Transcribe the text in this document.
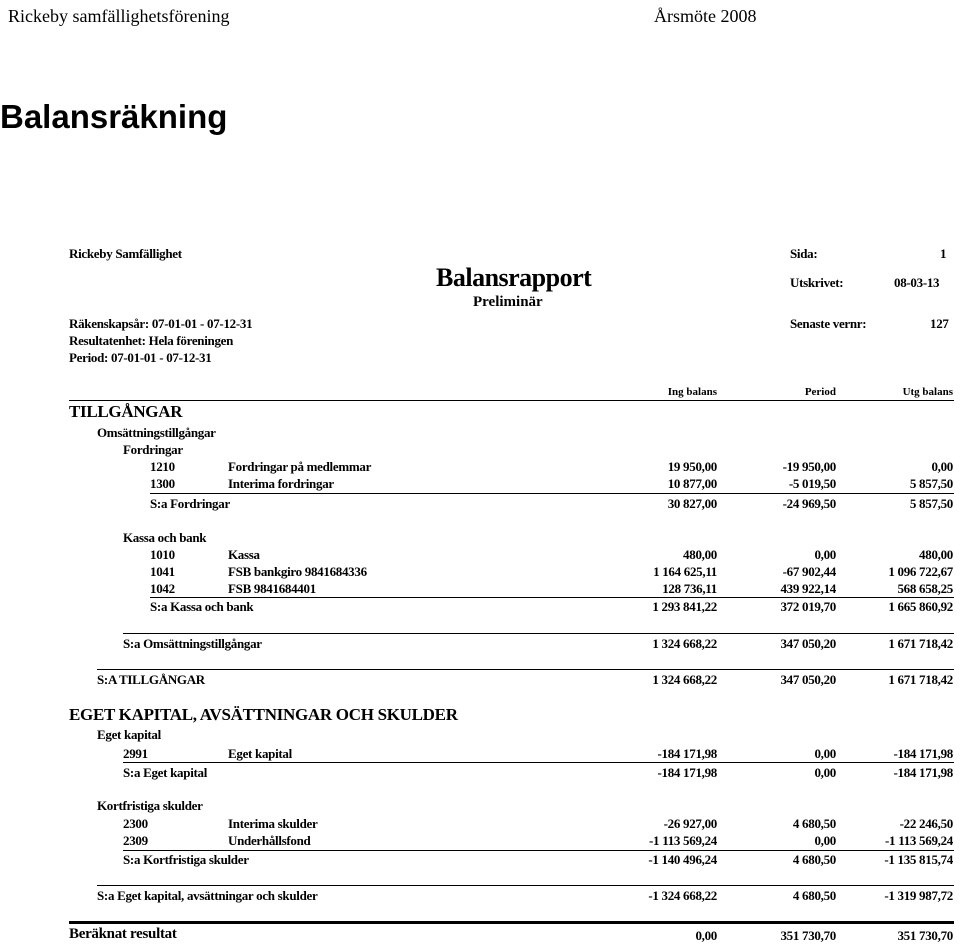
Rickeby samfällighetsförening	Årsmöte 2008
Balansräkning
Rickeby Samfällighet
Balansrapport
Preliminär
Räkenskapsår: 07-01-01 - 07-12-31
Resultatenhet: Hela föreningen
Period: 07-01-01 - 07-12-31
Sida:	1
Utskrivet:	08-03-13
Senaste vernr:	127
Ing balans	Period	Utg balans
TILLGÅNGAR
Omsättningstillgångar
Fordringar
1210	Fordringar på medlemmar	19 950,00	-19 950,00	0,00
1300	Interima fordringar	10 877,00	-5 019,50	5 857,50
S:a Fordringar	30 827,00	-24 969,50	5 857,50
Kassa och bank
1010	Kassa	480,00	0,00	480,00
1041	FSB bankgiro 9841684336	1 164 625,11	-67 902,44	1 096 722,67
1042	FSB 9841684401	128 736,11	439 922,14	568 658,25
S:a Kassa och bank	1 293 841,22	372 019,70	1 665 860,92
S:a Omsättningstillgångar	1 324 668,22	347 050,20	1 671 718,42
S:A TILLGÅNGAR	1 324 668,22	347 050,20	1 671 718,42
EGET KAPITAL, AVSÄTTNINGAR OCH SKULDER
Eget kapital
2991	Eget kapital	-184 171,98	0,00	-184 171,98
S:a Eget kapital	-184 171,98	0,00	-184 171,98
Kortfristiga skulder
2300	Interima skulder	-26 927,00	4 680,50	-22 246,50
2309	Underhållsfond	-1 113 569,24	0,00	-1 113 569,24
S:a Kortfristiga skulder	-1 140 496,24	4 680,50	-1 135 815,74
S:a Eget kapital, avsättningar och skulder	-1 324 668,22	4 680,50	-1 319 987,72
Beräknat resultat	0,00	351 730,70	351 730,70
